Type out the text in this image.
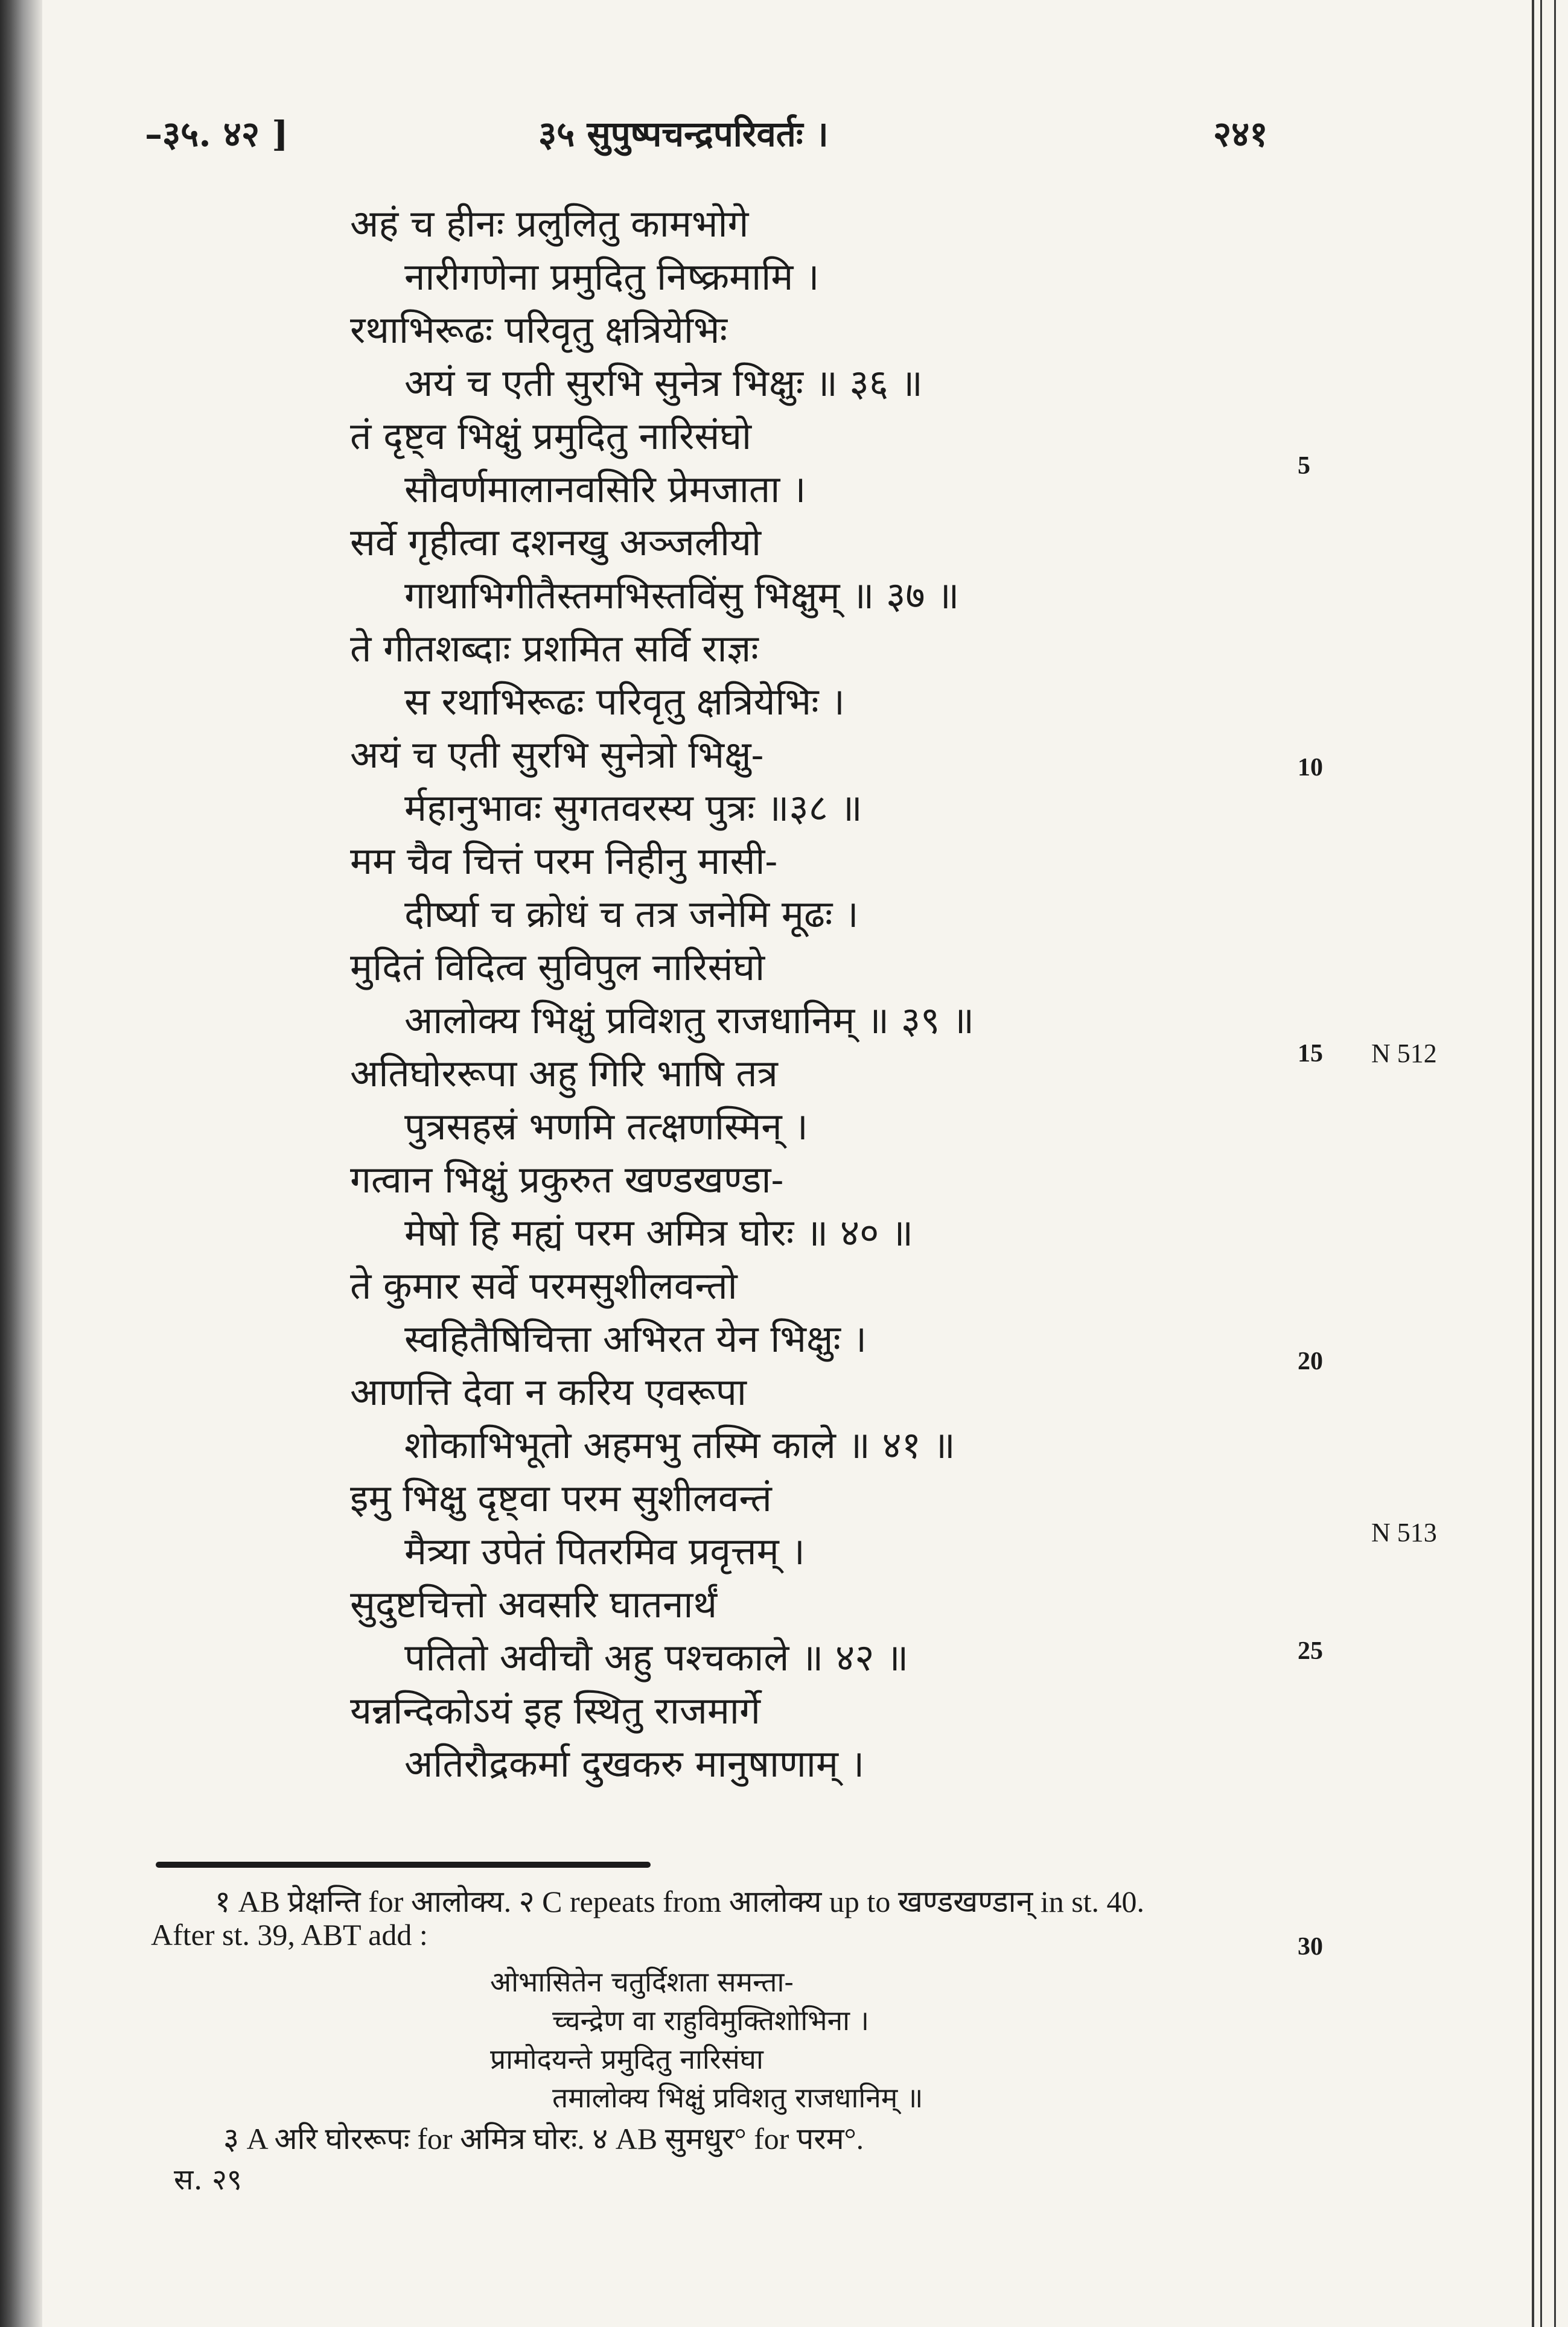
–३५. ४२ ]	३५ सुपुष्पचन्द्रपरिवर्तः ।	२४१
अहं च हीनः प्रलुलितु कामभोगे
नारीगणेना प्रमुदितु निष्क्रमामि ।
रथाभिरूढः परिवृतु क्षत्रियेभिः
अयं च एती सुरभि सुनेत्र भिक्षुः ॥ ३६ ॥
तं दृष्ट्व भिक्षुं प्रमुदितु नारिसंघो
सौवर्णमालानवसिरि प्रेमजाता ।
सर्वे गृहीत्वा दशनखु अञ्जलीयो
गाथाभिगीतैस्तमभिस्तविंसु भिक्षुम् ॥ ३७ ॥
ते गीतशब्दाः प्रशमित सर्वि राज्ञः
स रथाभिरूढः परिवृतु क्षत्रियेभिः ।
अयं च एती सुरभि सुनेत्रो भिक्षु-
र्महानुभावः सुगतवरस्य पुत्रः ॥३८ ॥
मम चैव चित्तं परम निहीनु मासी-
दीर्ष्या च क्रोधं च तत्र जनेमि मूढः ।
मुदितं विदित्व सुविपुल नारिसंघो
आलोक्य भिक्षुं प्रविशतु राजधानिम् ॥ ३९ ॥
अतिघोररूपा अहु गिरि भाषि तत्र
पुत्रसहस्रं भणमि तत्क्षणस्मिन् ।
गत्वान भिक्षुं प्रकुरुत खण्डखण्डा-
मेषो हि मह्यं परम अमित्र घोरः ॥ ४० ॥
ते कुमार सर्वे परमसुशीलवन्तो
स्वहितैषिचित्ता अभिरत येन भिक्षुः ।
आणत्ति देवा न करिय एवरूपा
शोकाभिभूतो अहमभु तस्मि काले ॥ ४१ ॥
इमु भिक्षु दृष्ट्वा परम सुशीलवन्तं
मैत्र्या उपेतं पितरमिव प्रवृत्तम् ।
सुदुष्टचित्तो अवसरि घातनार्थं
पतितो अवीचौ अहु पश्चकाले ॥ ४२ ॥
यन्नन्दिकोऽयं इह स्थितु राजमार्गे
अतिरौद्रकर्मा दुखकरु मानुषाणाम् ।
5
10
15
20
25
30
N 512
N 513
१ AB प्रेक्षन्ति for आलोक्य. २ C repeats from आलोक्य up to खण्डखण्डान् in st. 40.
After st. 39, ABT add :
ओभासितेन चतुर्दिशता समन्ता-
च्चन्द्रेण वा राहुविमुक्तिशोभिना ।
प्रामोदयन्ते प्रमुदितु नारिसंघा
तमालोक्य भिक्षुं प्रविशतु राजधानिम् ॥
३ A अरि घोररूपः for अमित्र घोरः. ४ AB सुमधुर° for परम°.
स. २९
